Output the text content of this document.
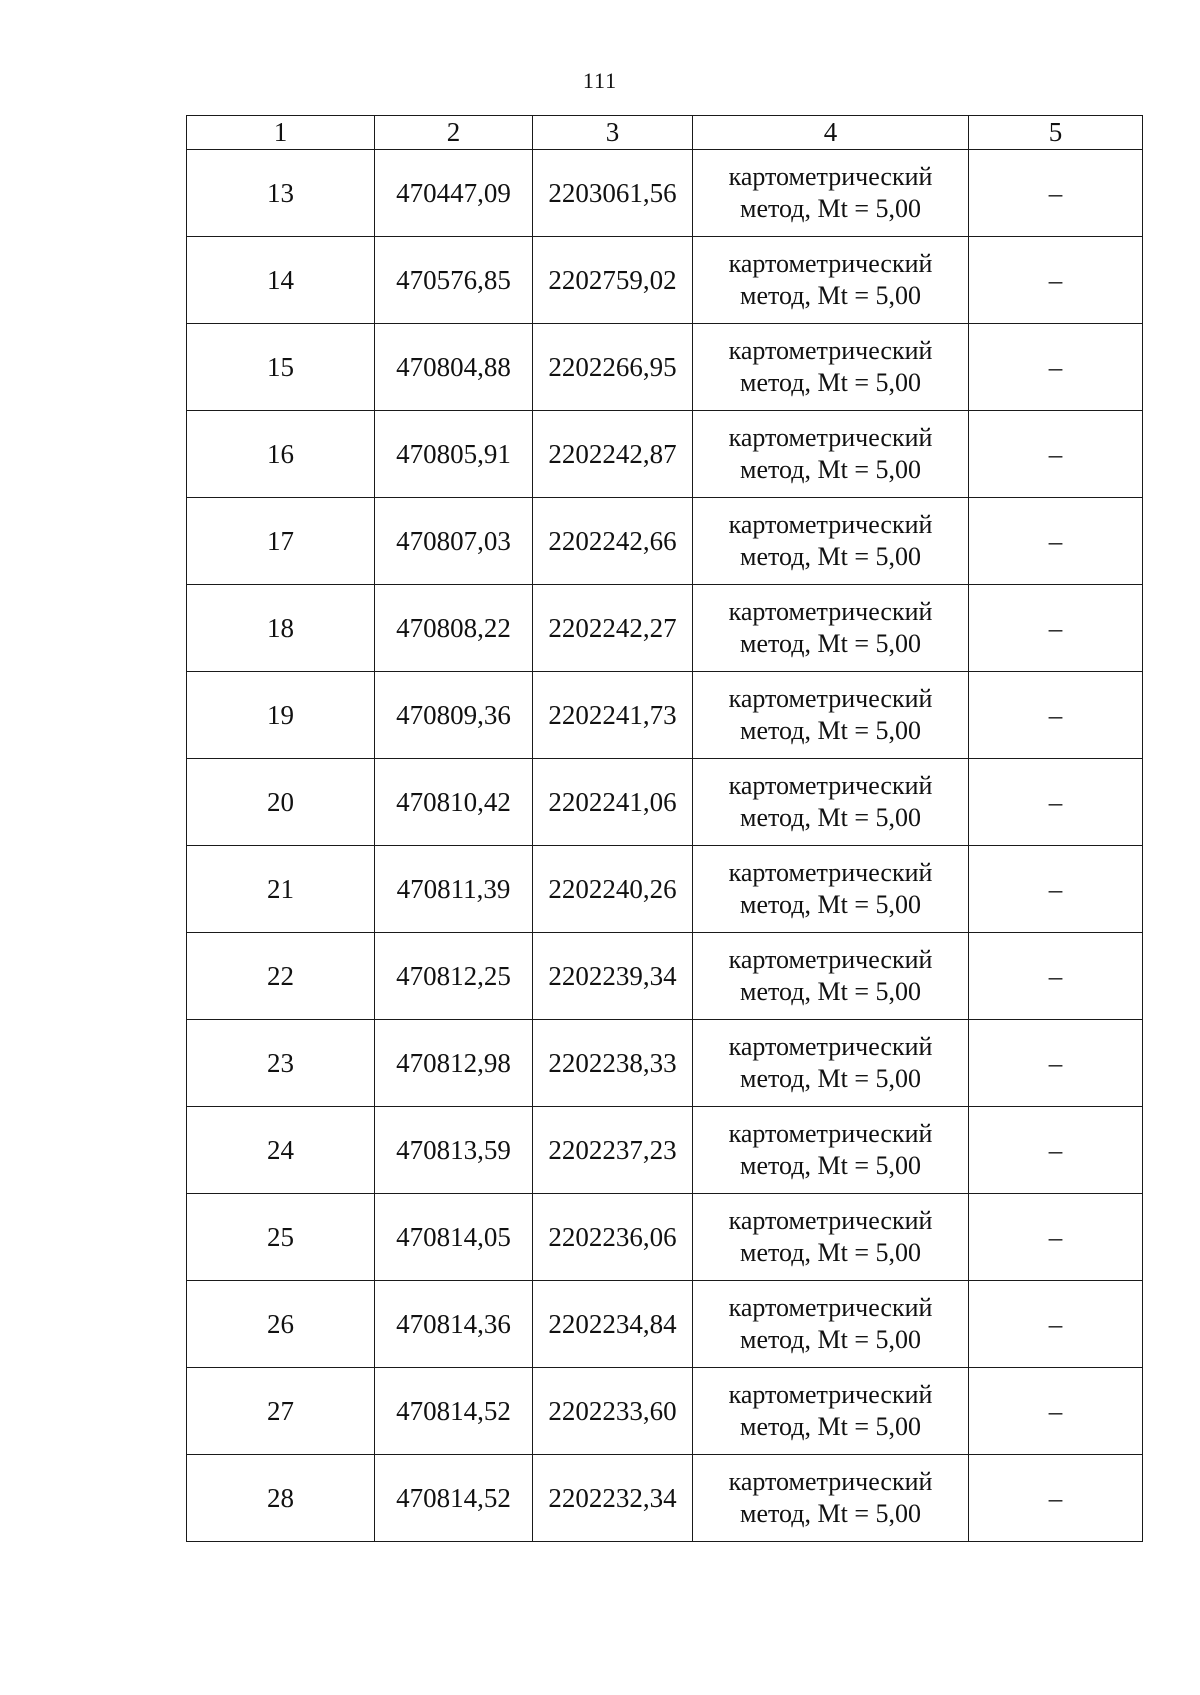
111
1	2	3	4	5
13	470447,09	2203061,56	картометрический
метод, Mt = 5,00	–
14	470576,85	2202759,02	картометрический
метод, Mt = 5,00	–
15	470804,88	2202266,95	картометрический
метод, Mt = 5,00	–
16	470805,91	2202242,87	картометрический
метод, Mt = 5,00	–
17	470807,03	2202242,66	картометрический
метод, Mt = 5,00	–
18	470808,22	2202242,27	картометрический
метод, Mt = 5,00	–
19	470809,36	2202241,73	картометрический
метод, Mt = 5,00	–
20	470810,42	2202241,06	картометрический
метод, Mt = 5,00	–
21	470811,39	2202240,26	картометрический
метод, Mt = 5,00	–
22	470812,25	2202239,34	картометрический
метод, Mt = 5,00	–
23	470812,98	2202238,33	картометрический
метод, Mt = 5,00	–
24	470813,59	2202237,23	картометрический
метод, Mt = 5,00	–
25	470814,05	2202236,06	картометрический
метод, Mt = 5,00	–
26	470814,36	2202234,84	картометрический
метод, Mt = 5,00	–
27	470814,52	2202233,60	картометрический
метод, Mt = 5,00	–
28	470814,52	2202232,34	картометрический
метод, Mt = 5,00	–
